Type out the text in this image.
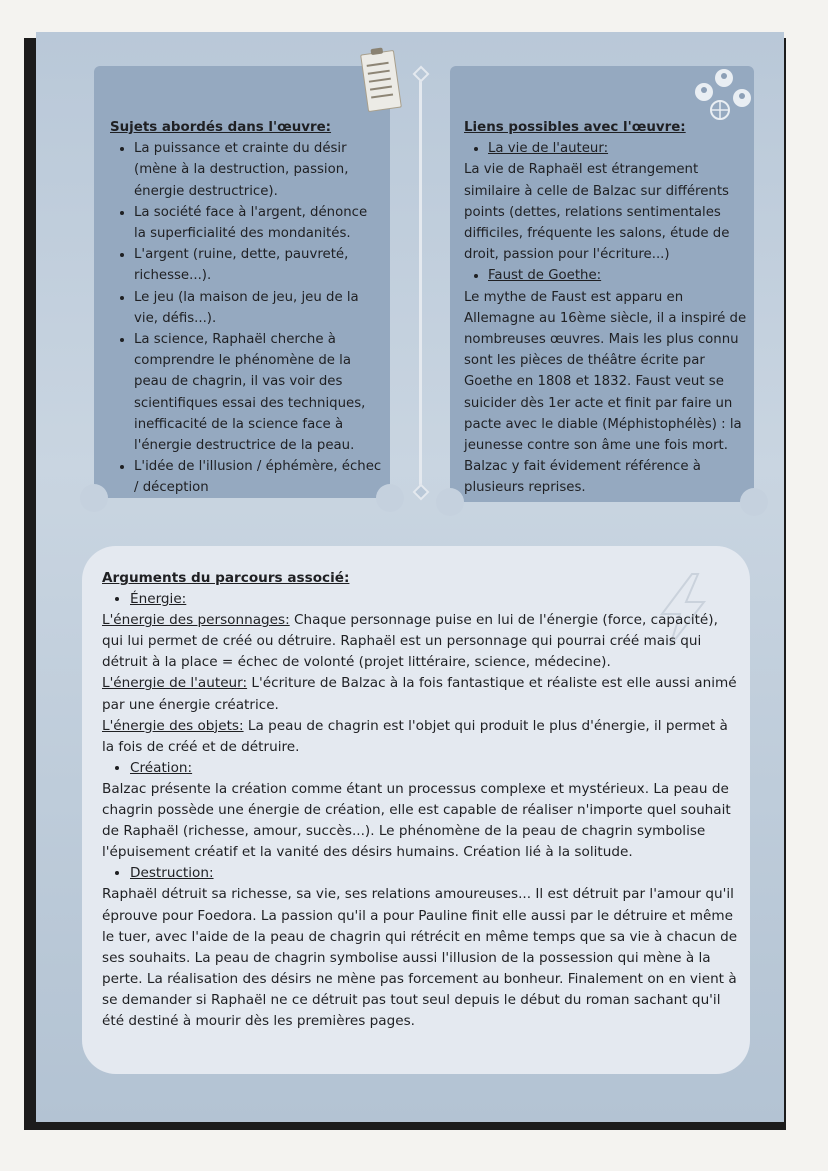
Sujets abordés dans l'œuvre:
• La puissance et crainte du désir (mène à la destruction, passion, énergie destructrice).
• La société face à l'argent, dénonce la superficialité des mondanités.
• L'argent (ruine, dette, pauvreté, richesse...).
• Le jeu (la maison de jeu, jeu de la vie, défis...).
• La science, Raphaël cherche à comprendre le phénomène de la peau de chagrin, il vas voir des scientifiques essai des techniques, inefficacité de la science face à l'énergie destructrice de la peau.
• L'idée de l'illusion / éphémère, échec / déception
Liens possibles avec l'œuvre:
• La vie de l'auteur:
La vie de Raphaël est étrangement similaire à celle de Balzac sur différents points (dettes, relations sentimentales difficiles, fréquente les salons, étude de droit, passion pour l'écriture...)
• Faust de Goethe:
Le mythe de Faust est apparu en Allemagne au 16ème siècle, il a inspiré de nombreuses œuvres. Mais les plus connu sont les pièces de théâtre écrite par Goethe en 1808 et 1832. Faust veut se suicider dès 1er acte et finit par faire un pacte avec le diable (Méphistophélès) : la jeunesse contre son âme une fois mort. Balzac y fait évidement référence à plusieurs reprises.

Arguments du parcours associé:

• Énergie:

L'énergie des personnages: Chaque personnage puise en lui de l'énergie (force, capacité), qui lui permet de créé ou détruire. Raphaël est un personnage qui pourrai créé mais qui détruit à la place = échec de volonté (projet littéraire, science, médecine).

L'énergie de l'auteur: L'écriture de Balzac à la fois fantastique et réaliste est elle aussi animé par une énergie créatrice.

L'énergie des objets: La peau de chagrin est l'objet qui produit le plus d'énergie, il permet à la fois de créé et de détruire.

• Création:

Balzac présente la création comme étant un processus complexe et mystérieux. La peau de chagrin possède une énergie de création, elle est capable de réaliser n'importe quel souhait de Raphaël (richesse, amour, succès...). Le phénomène de la peau de chagrin symbolise l'épuisement créatif et la vanité des désirs humains. Création lié à la solitude.

• Destruction:

Raphaël détruit sa richesse, sa vie, ses relations amoureuses... Il est détruit par l'amour qu'il éprouve pour Foedora. La passion qu'il a pour Pauline finit elle aussi par le détruire et même le tuer, avec l'aide de la peau de chagrin qui rétrécit en même temps que sa vie à chacun de ses souhaits. La peau de chagrin symbolise aussi l'illusion de la possession qui mène à la perte. La réalisation des désirs ne mène pas forcement au bonheur. Finalement on en vient à se demander si Raphaël ne ce détruit pas tout seul depuis le début du roman sachant qu'il été destiné à mourir dès les premières pages.
